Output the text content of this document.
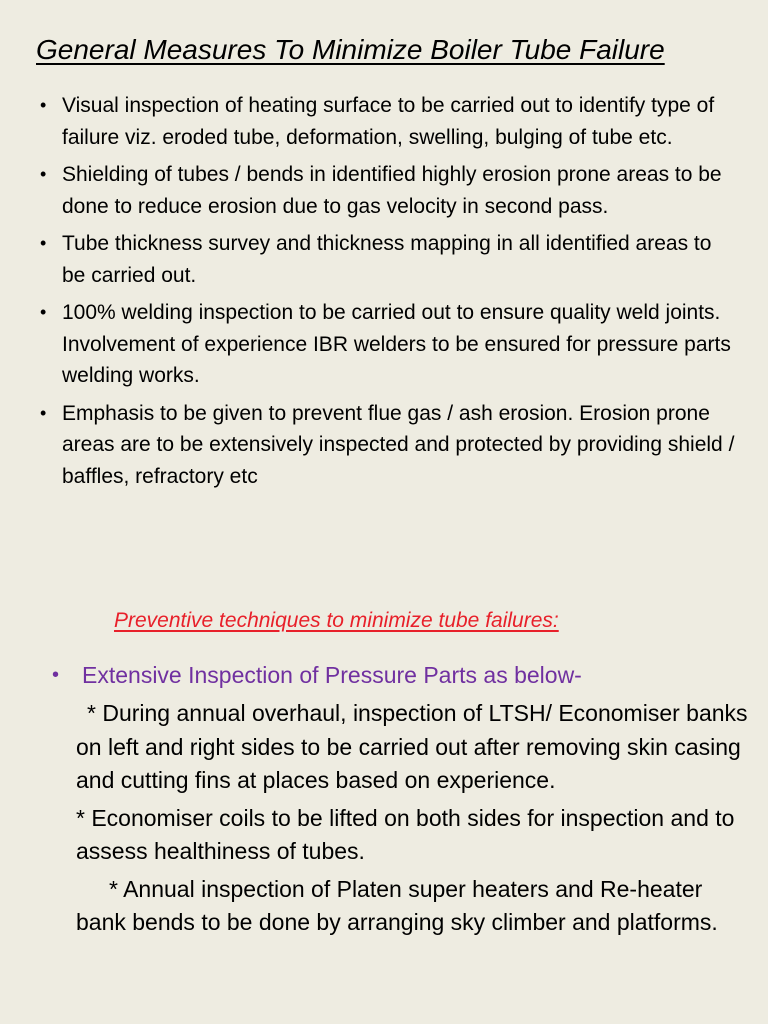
General Measures To Minimize Boiler Tube Failure
• Visual inspection of heating surface to be carried out to identify type of failure viz. eroded tube, deformation, swelling, bulging of tube etc.
• Shielding of tubes / bends in identified highly erosion prone areas to be done to reduce erosion due to gas velocity in second pass.
• Tube thickness survey and thickness mapping in all identified areas to be carried out.
• 100% welding inspection to be carried out to ensure quality weld joints. Involvement of experience IBR welders to be ensured for pressure parts welding works.
• Emphasis to be given to prevent flue gas / ash erosion. Erosion prone areas are to be extensively inspected and protected by providing shield / baffles, refractory etc
Preventive techniques to minimize tube failures:
• Extensive Inspection of Pressure Parts as below-
* During annual overhaul, inspection of LTSH/ Economiser banks on left and right sides to be carried out after removing skin casing and cutting fins at places based on experience.
* Economiser coils to be lifted on both sides for inspection and to assess healthiness of tubes.
* Annual inspection of Platen super heaters and Re-heater bank bends to be done by arranging sky climber and platforms.
